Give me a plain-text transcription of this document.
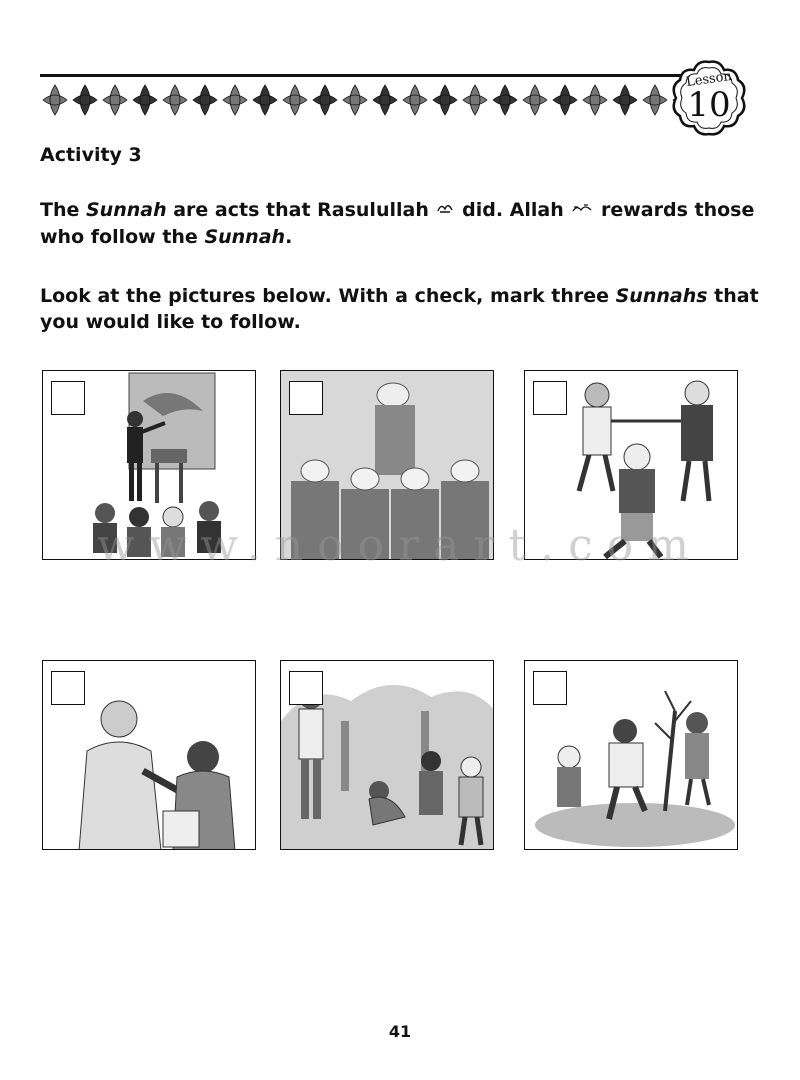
Lesson
10
Activity 3
The Sunnah are acts that Rasulullah  did. Allah  rewards those who follow the Sunnah.
Look at the pictures below. With a check, mark three Sunnahs that you would like to follow.
www.noorart.com
41
